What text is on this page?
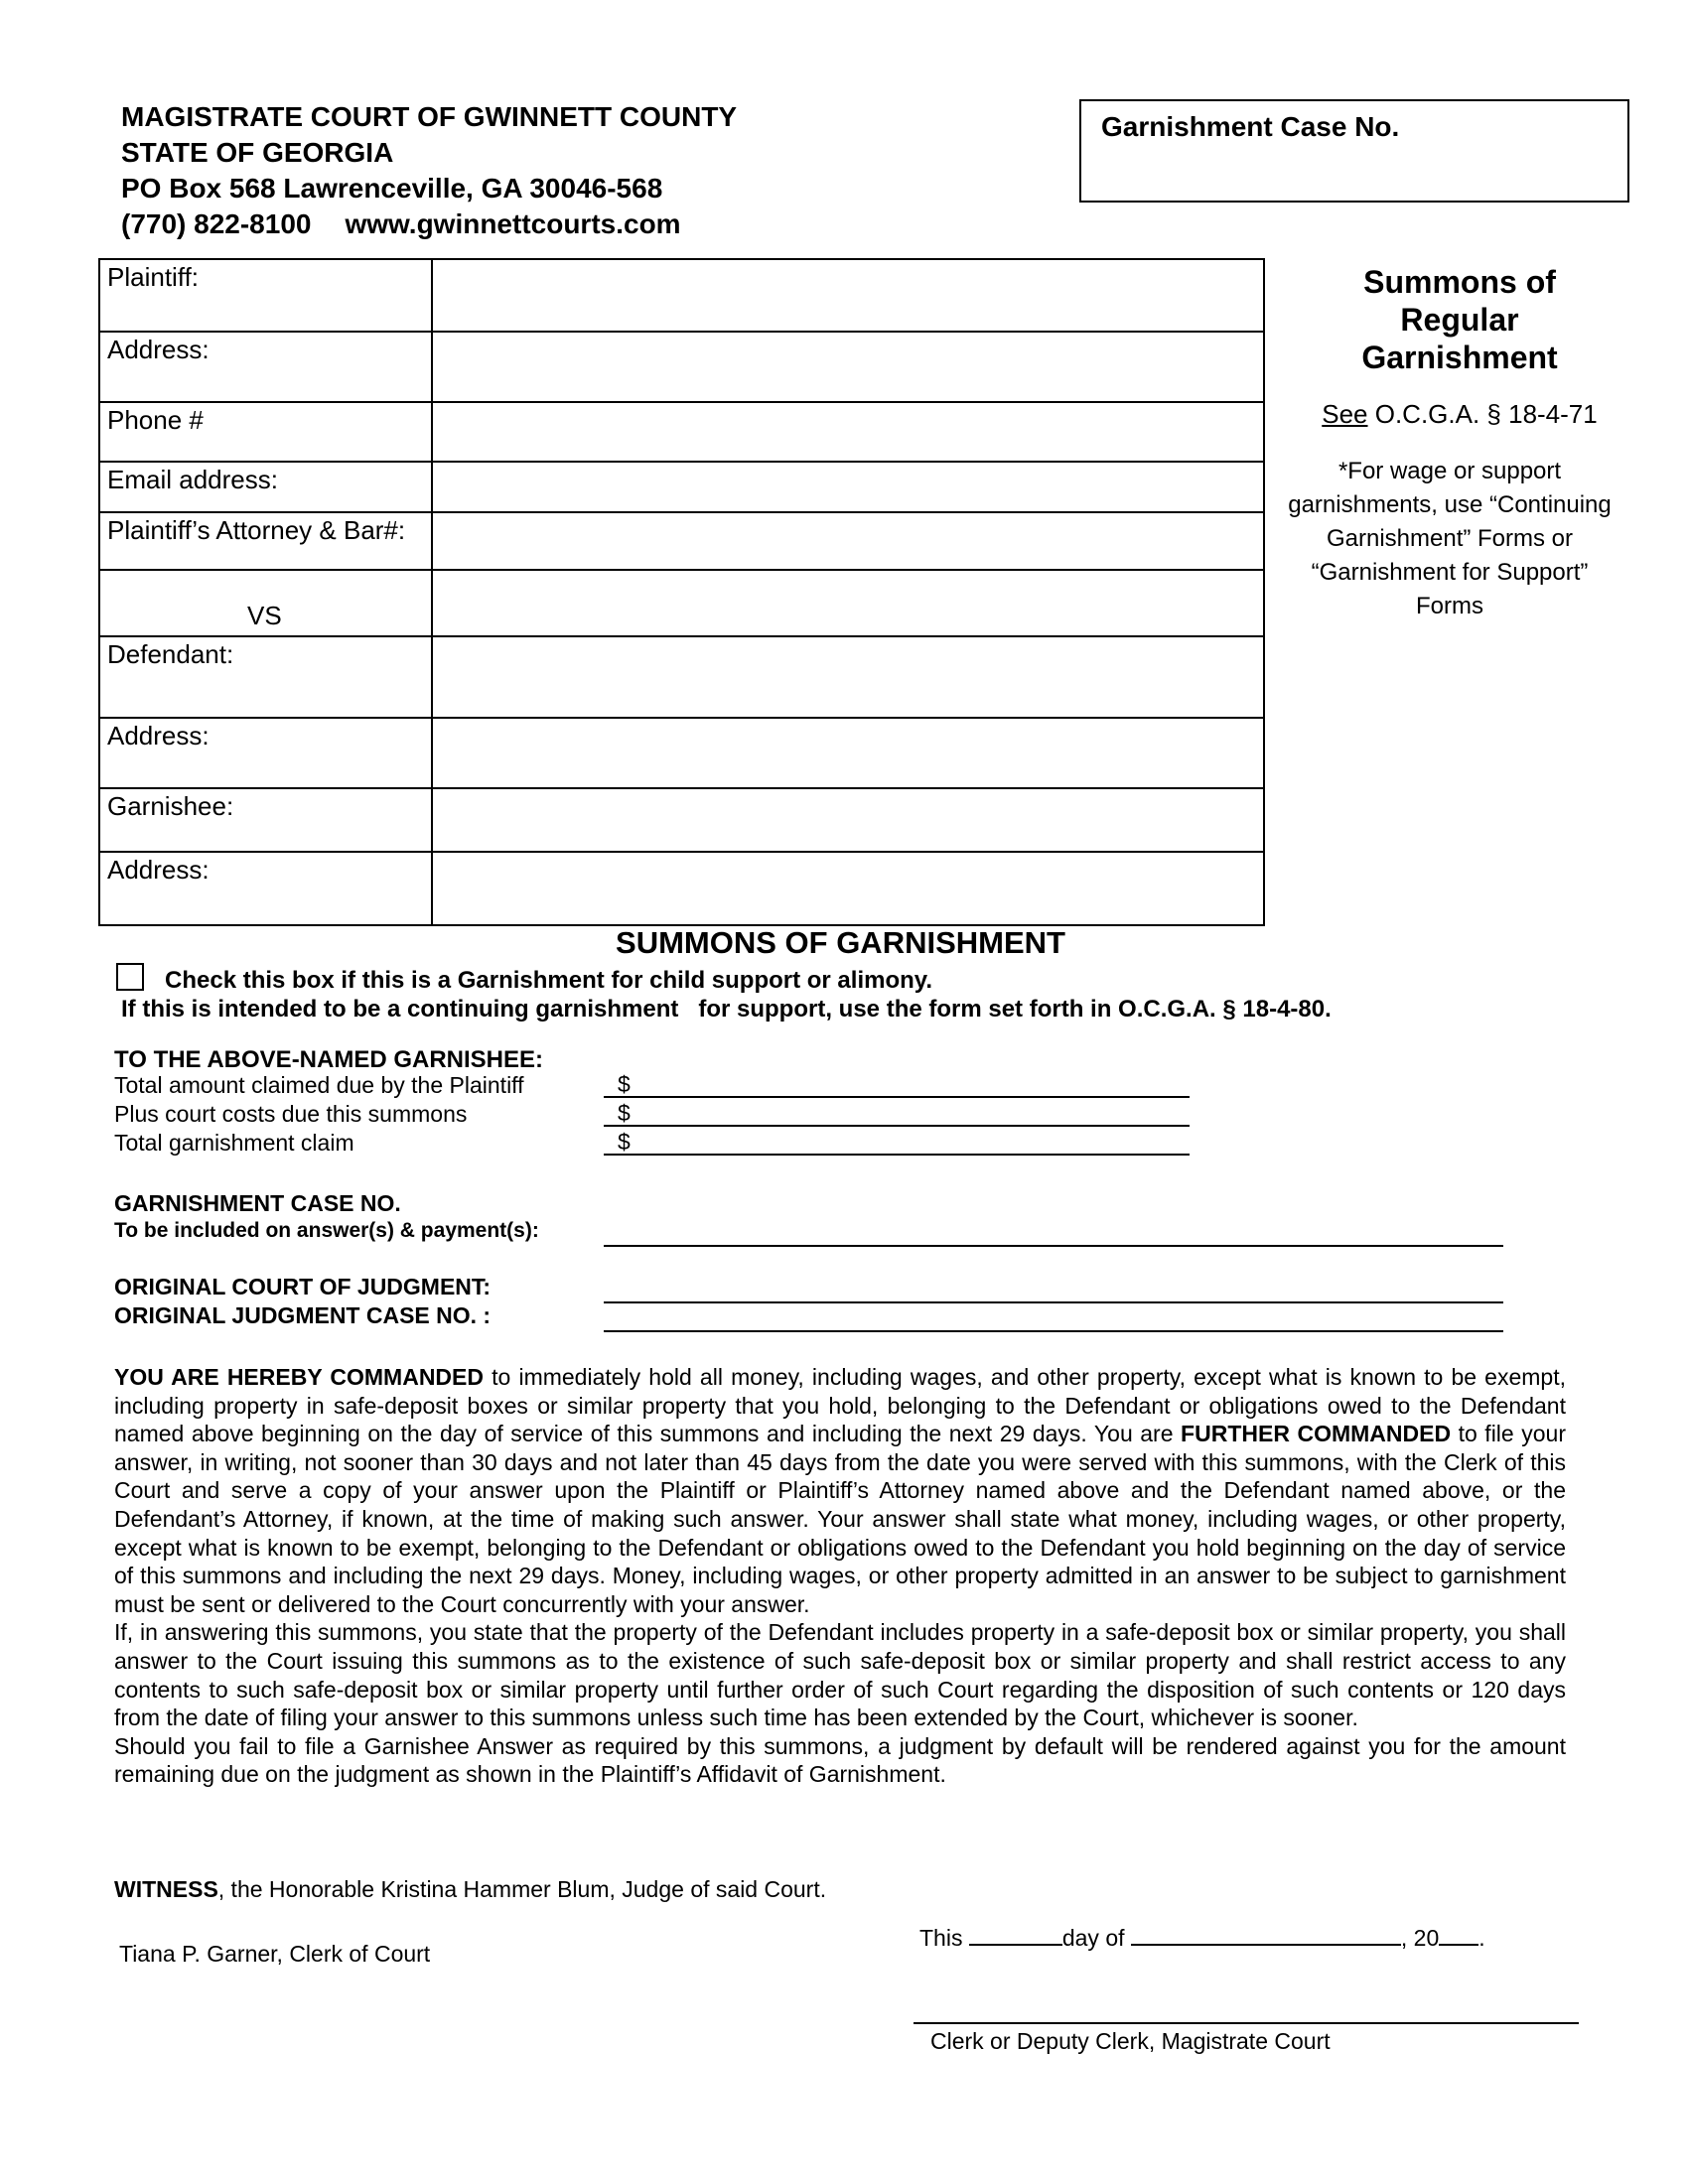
MAGISTRATE COURT OF GWINNETT COUNTY
STATE OF GEORGIA
PO Box 568 Lawrenceville, GA 30046-568
(770) 822-8100 www.gwinnettcourts.com
Garnishment Case No.
Plaintiff:	
Address:	
Phone #	
Email address:	
Plaintiff’s Attorney & Bar#:	

VS	

Defendant:	
Address:	
Garnishee:	
Address:	
Summons of
Regular
Garnishment
See O.C.G.A. § 18-4-71
*For wage or support garnishments, use “Continuing Garnishment” Forms or “Garnishment for Support” Forms
SUMMONS OF GARNISHMENT
Check this box if this is a Garnishment for child support or alimony.
If this is intended to be a continuing garnishment   for support, use the form set forth in O.C.G.A. § 18-4-80.
TO THE ABOVE-NAMED GARNISHEE:
Total amount claimed due by the Plaintiff	$
Plus court costs due this summons	$
Total garnishment claim	$
GARNISHMENT CASE NO.
To be included on answer(s) & payment(s):
ORIGINAL COURT OF JUDGMENT:
ORIGINAL JUDGMENT CASE NO. :

YOU ARE HEREBY COMMANDED to immediately hold all money, including wages, and other property, except what is known to be exempt, including property in safe-deposit boxes or similar property that you hold, belonging to the Defendant or obligations owed to the Defendant named above beginning on the day of service of this summons and including the next 29 days. You are FURTHER COMMANDED to file your answer, in writing, not sooner than 30 days and not later than 45 days from the date you were served with this summons, with the Clerk of this Court and serve a copy of your answer upon the Plaintiff or Plaintiff’s Attorney named above and the Defendant named above, or the Defendant’s Attorney, if known, at the time of making such answer. Your answer shall state what money, including wages, or other property, except what is known to be exempt, belonging to the Defendant or obligations owed to the Defendant you hold beginning on the day of service of this summons and including the next 29 days. Money, including wages, or other property admitted in an answer to be subject to garnishment must be sent or delivered to the Court concurrently with your answer.

If, in answering this summons, you state that the property of the Defendant includes property in a safe-deposit box or similar property, you shall answer to the Court issuing this summons as to the existence of such safe-deposit box or similar property and shall restrict access to any contents to such safe-deposit box or similar property until further order of such Court regarding the disposition of such contents or 120 days from the date of filing your answer to this summons unless such time has been extended by the Court, whichever is sooner.

Should you fail to file a Garnishee Answer as required by this summons, a judgment by default will be rendered against you for the amount remaining due on the judgment as shown in the Plaintiff’s Affidavit of Garnishment.

WITNESS, the Honorable Kristina Hammer Blum, Judge of said Court.
Tiana P. Garner, Clerk of Court
This	day of	, 20 .
Clerk or Deputy Clerk, Magistrate Court
